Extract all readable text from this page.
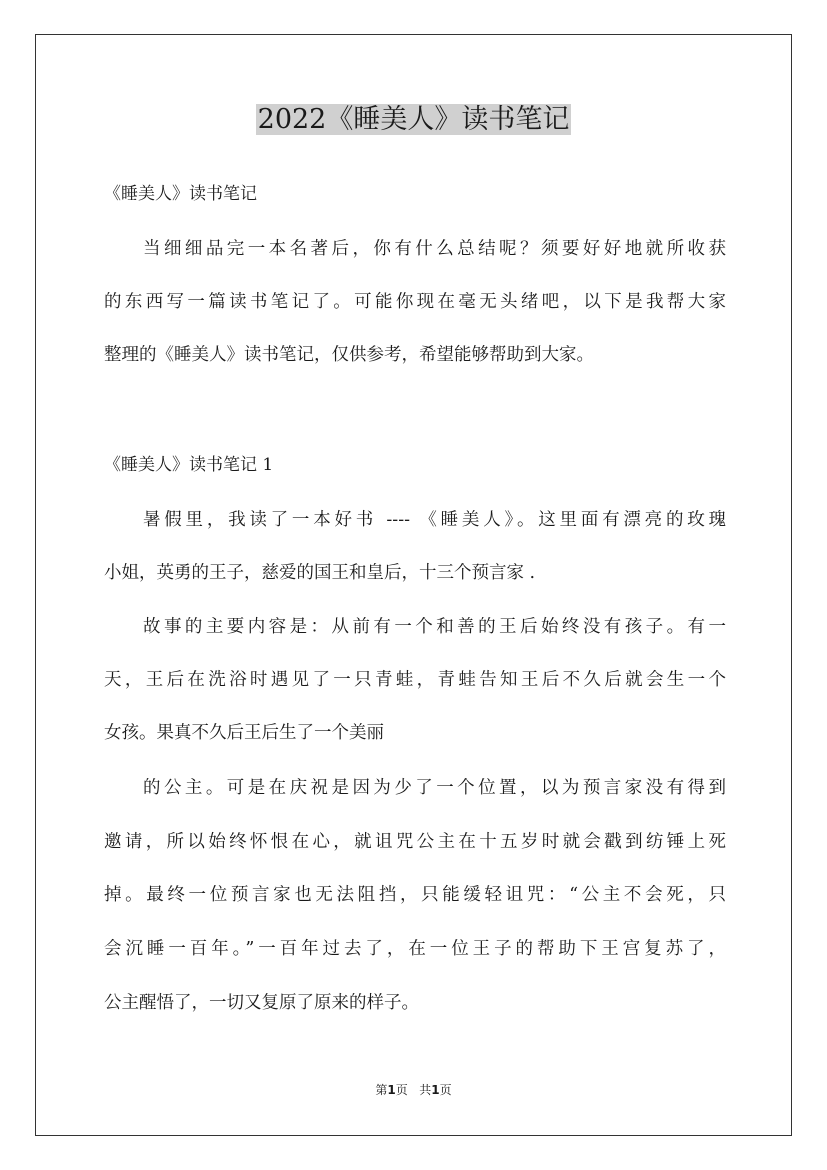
2022《睡美人》读书笔记
《睡美人》读书笔记
当细细品完一本名著后，你有什么总结呢？须要好好地就所收获
的东西写一篇读书笔记了。可能你现在毫无头绪吧，以下是我帮大家
整理的《睡美人》读书笔记，仅供参考，希望能够帮助到大家。
《睡美人》读书笔记 1
暑假里，我读了一本好书 ---- 《睡美人》。这里面有漂亮的玫瑰
小姐，英勇的王子，慈爱的国王和皇后，十三个预言家 .
故事的主要内容是：从前有一个和善的王后始终没有孩子。有一
天，王后在洗浴时遇见了一只青蛙，青蛙告知王后不久后就会生一个
女孩。果真不久后王后生了一个美丽
的公主。可是在庆祝是因为少了一个位置，以为预言家没有得到
邀请，所以始终怀恨在心，就诅咒公主在十五岁时就会戳到纺锤上死
掉。最终一位预言家也无法阻挡，只能缓轻诅咒：“公主不会死，只
会沉睡一百年。”一百年过去了，在一位王子的帮助下王宫复苏了，
公主醒悟了，一切又复原了原来的样子。
第1页   共1页
